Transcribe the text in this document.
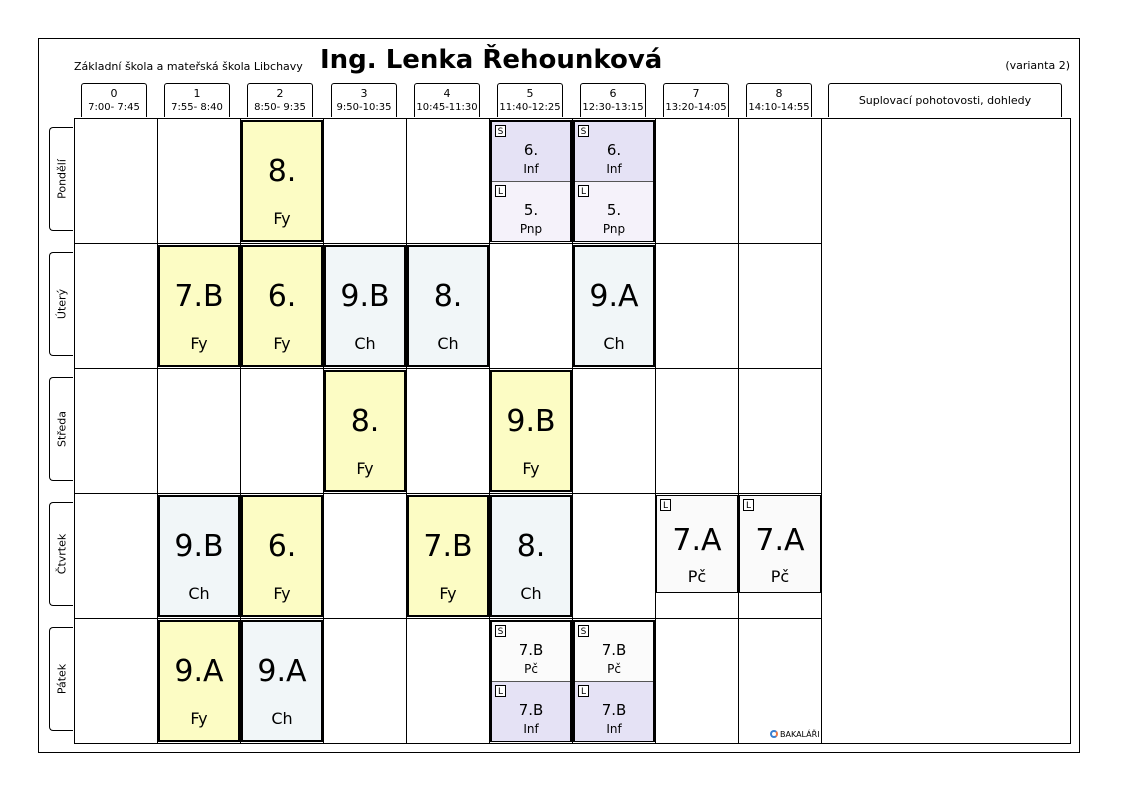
Základní škola a mateřská škola Libchavy Ing. Lenka Řehounková	(varianta 2)
0
7:00- 7:45
1
7:55- 8:40
2
8:50- 9:35
3
9:50-10:35
4
10:45-11:30
5
11:40-12:25
6
12:30-13:15
7
13:20-14:05
8
14:10-14:55
Suplovací pohotovosti, dohledy
Pondělí
Úterý
Středa
Čtvrtek
Pátek
8.
Fy
S
6.
Inf
L
5.
Pnp
S
6.
Inf
L
5.
Pnp
7.B
Fy
6.
Fy
9.B
Ch
8.
Ch
9.A
Ch
8.
Fy
9.B
Fy
9.B
Ch
6.
Fy
7.B
Fy
8.
Ch
L
7.A
Pč
L
7.A
Pč
9.A
Fy
9.A
Ch
S
7.B
Pč
L
7.B
Inf
S
7.B
Pč
L
7.B
Inf	BAKALÁŘI
